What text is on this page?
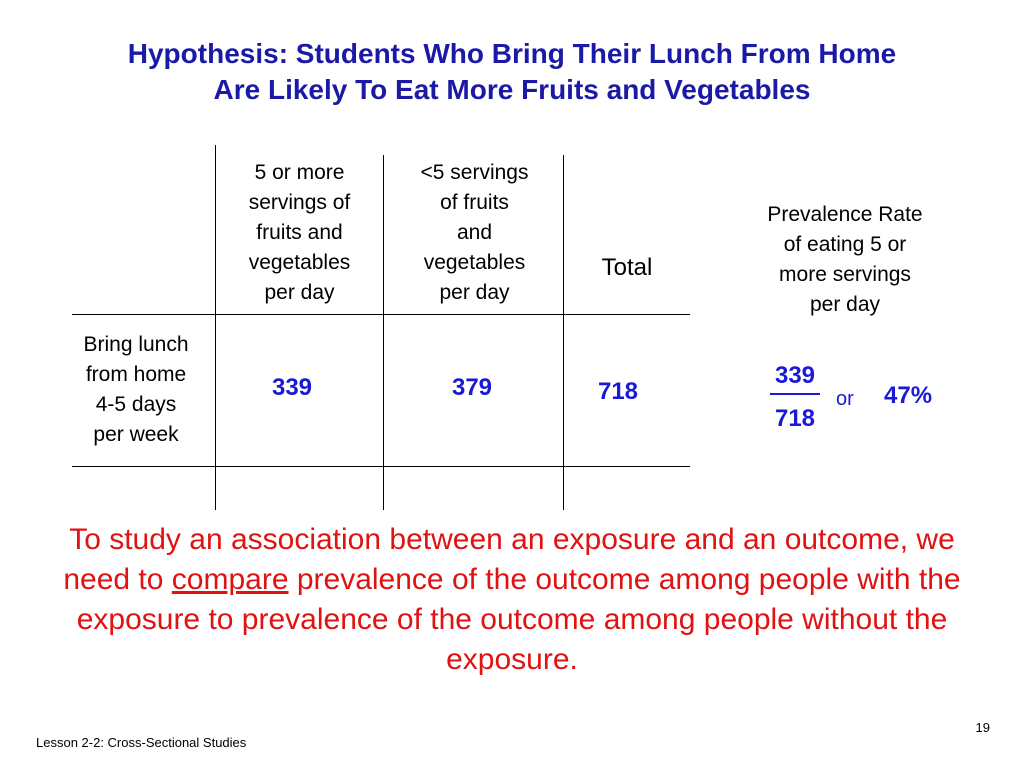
Hypothesis: Students Who Bring Their Lunch From Home
Are Likely To Eat More Fruits and Vegetables
5 or more
servings of
fruits and
vegetables
per day
<5 servings
of fruits
and
vegetables
per day
Total
Bring lunch
from home
4-5 days
per week
339	379	718
Prevalence Rate
of eating 5 or
more servings
per day
339
718
or 47%
To study an association between an exposure and an outcome, we need to compare prevalence of the outcome among people with the exposure to prevalence of the outcome among people without the exposure.
Lesson 2-2: Cross-Sectional Studies
19
